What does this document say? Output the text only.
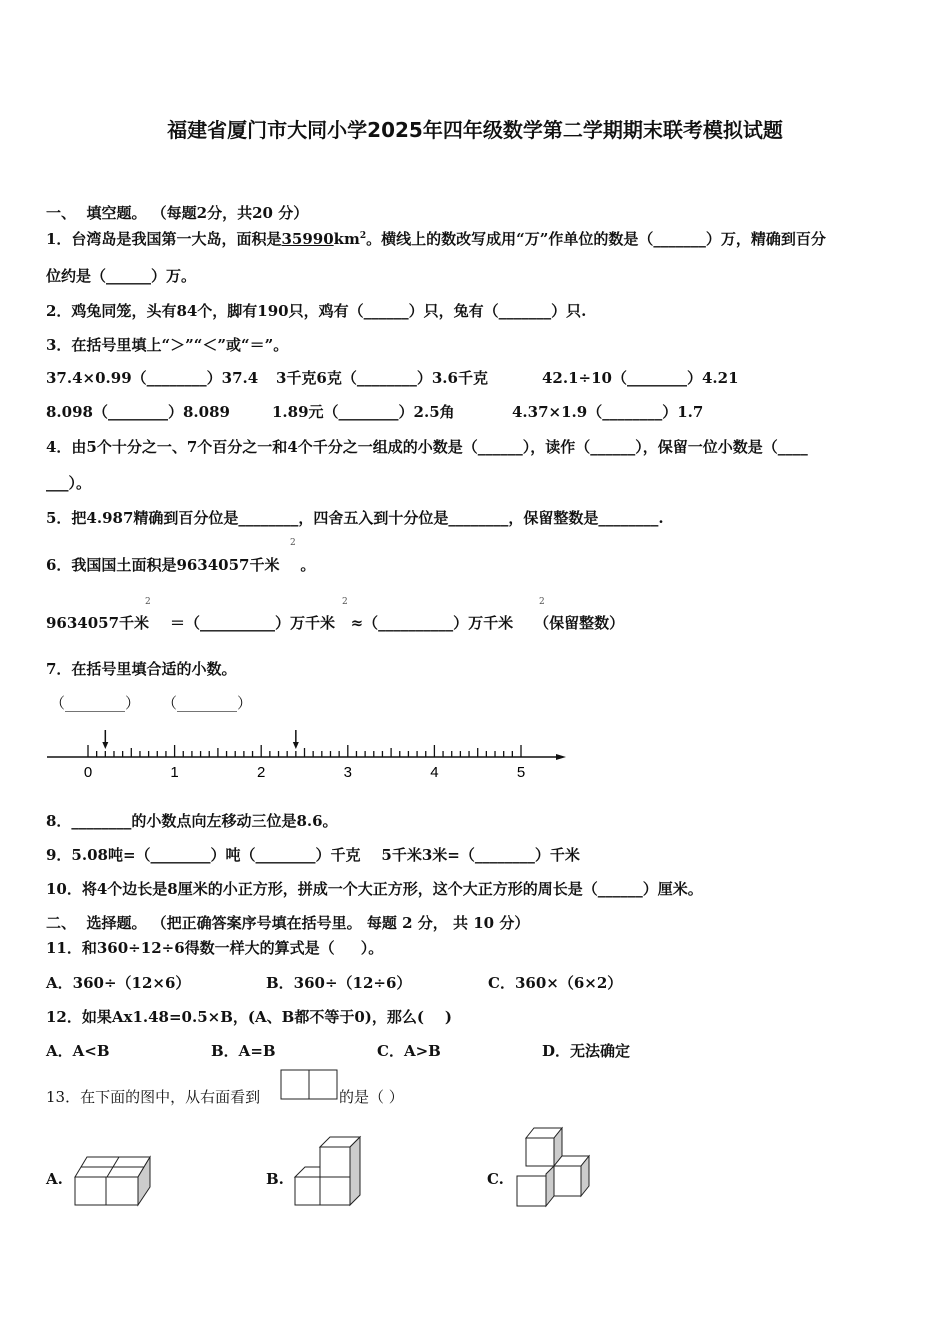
福建省厦门市大同小学2025年四年级数学第二学期期末联考模拟试题
一、  填空题。 （每题2分，共20 分）
1．台湾岛是我国第一大岛，面积是$35990km^2$。横线上的数改写成用“万”作单位的数是（_______）万，精确到百分
位约是（______）万。
2．鸡兔同笼，头有84个，脚有190只，鸡有（______）只，兔有（_______）只.
3．在括号里填上“＞”“＜”或“＝”。
37.4×0.99（________）37.4 3千克6克（________）3.6千克	42.1÷10（________）4.21
8.098（________）8.089	1.89元（________）2.5角	4.37×1.9（________）1.7
4．由5个十分之一、7个百分之一和4个千分之一组成的小数是（______），读作（______），保留一位小数是（____
___）。
5．把4.987精确到百分位是________，四舍五入到十分位是________，保留整数是________.
6．我国国土面积是9634057千米    。
2
9634057千米    ＝（__________）万千米   ≈（__________）万千米    （保留整数）
2	2	2
7．在括号里填合适的小数。
（________） （________）
0	1	2	3	4	5
8．________的小数点向左移动三位是8.6。
9．5.08吨=（________）吨（________）千克    5千米3米=（________）千米
10．将4个边长是8厘米的小正方形，拼成一个大正方形，这个大正方形的周长是（______）厘米。
二、  选择题。 （把正确答案序号填在括号里。 每题 2 分， 共 10 分）
11．和360÷12÷6得数一样大的算式是（     ）。
A．360÷（12×6）	B．360÷（12÷6）	C．360×（6×2）
12．如果Ax1.48=0.5×B，(A、B都不等于0)，那么(    )
A．A<B	B．A=B	C．A>B	D．无法确定
13．在下面的图中，从右面看到	的是（ ）
A.	B.	C.
